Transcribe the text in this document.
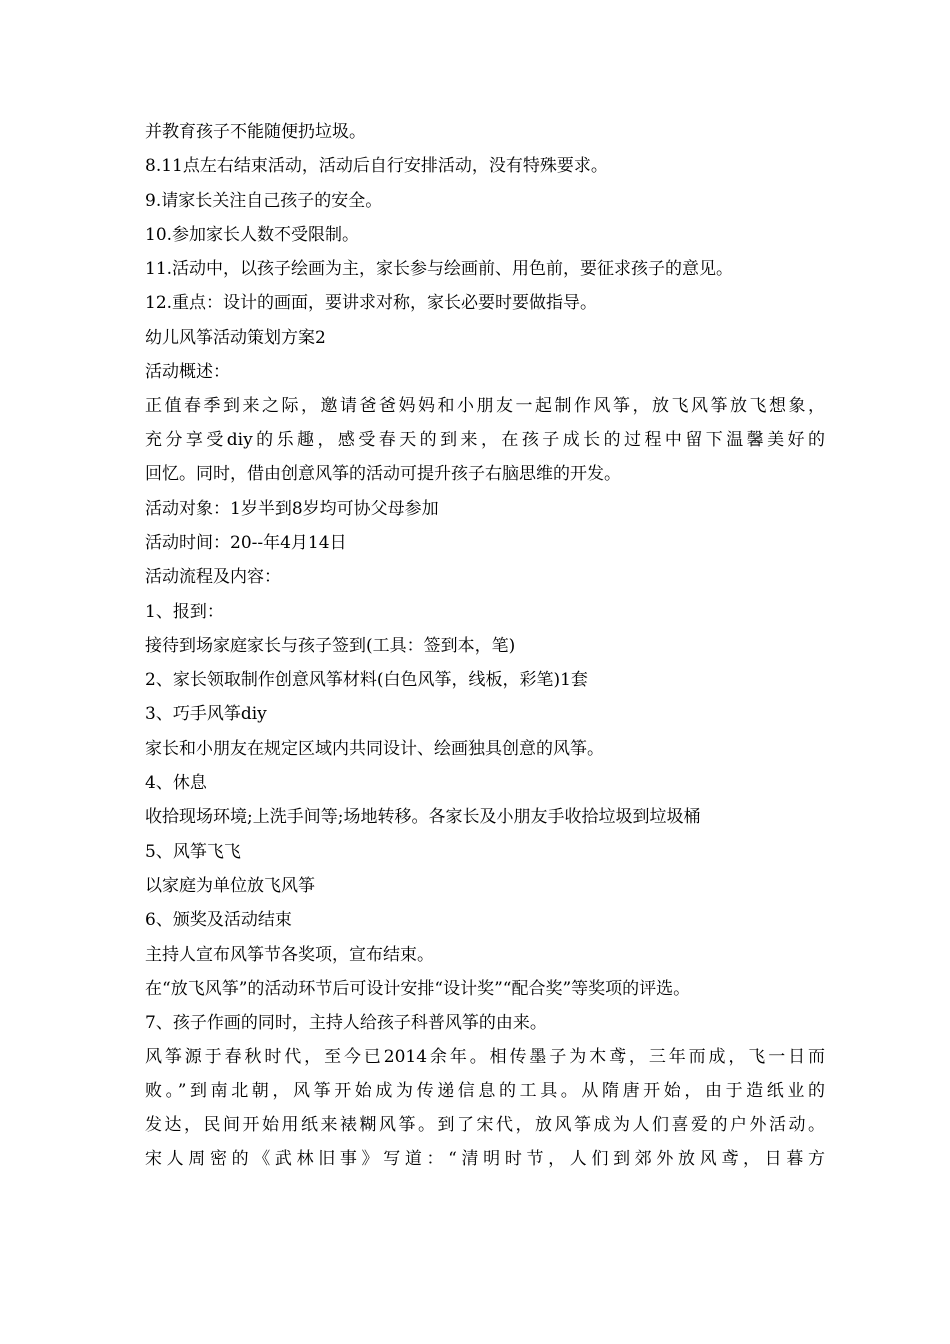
并教育孩子不能随便扔垃圾。
8.11点左右结束活动，活动后自行安排活动，没有特殊要求。
9.请家长关注自己孩子的安全。
10.参加家长人数不受限制。
11.活动中，以孩子绘画为主，家长参与绘画前、用色前，要征求孩子的意见。
12.重点：设计的画面，要讲求对称，家长必要时要做指导。
幼儿风筝活动策划方案2
活动概述：
正值春季到来之际，邀请爸爸妈妈和小朋友一起制作风筝，放飞风筝放飞想象，
充分享受diy的乐趣，感受春天的到来，在孩子成长的过程中留下温馨美好的
回忆。同时，借由创意风筝的活动可提升孩子右脑思维的开发。
活动对象：1岁半到8岁均可协父母参加
活动时间：20--年4月14日
活动流程及内容：
1、报到：
接待到场家庭家长与孩子签到(工具：签到本，笔)
2、家长领取制作创意风筝材料(白色风筝，线板，彩笔)1套
3、巧手风筝diy
家长和小朋友在规定区域内共同设计、绘画独具创意的风筝。
4、休息
收拾现场环境;上洗手间等;场地转移。各家长及小朋友手收拾垃圾到垃圾桶
5、风筝飞飞
以家庭为单位放飞风筝
6、颁奖及活动结束
主持人宣布风筝节各奖项，宣布结束。
在“放飞风筝”的活动环节后可设计安排“设计奖”“配合奖”等奖项的评选。
7、孩子作画的同时，主持人给孩子科普风筝的由来。
风筝源于春秋时代，至今已2014余年。相传墨子为木鸢，三年而成，飞一日而
败。”到南北朝，风筝开始成为传递信息的工具。从隋唐开始，由于造纸业的
发达，民间开始用纸来裱糊风筝。到了宋代，放风筝成为人们喜爱的户外活动。
宋人周密的《武林旧事》写道：“清明时节，人们到郊外放风鸢，日暮方
